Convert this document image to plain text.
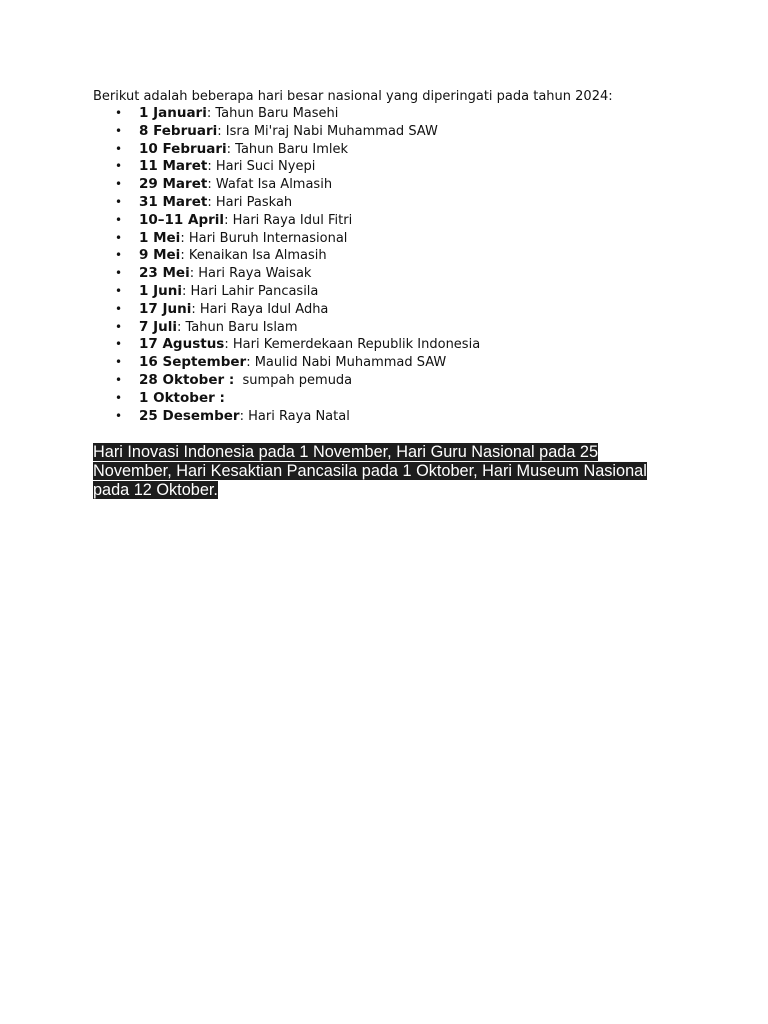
Berikut adalah beberapa hari besar nasional yang diperingati pada tahun 2024:
• 1 Januari: Tahun Baru Masehi
• 8 Februari: Isra Mi'raj Nabi Muhammad SAW
• 10 Februari: Tahun Baru Imlek
• 11 Maret: Hari Suci Nyepi
• 29 Maret: Wafat Isa Almasih
• 31 Maret: Hari Paskah
• 10–11 April: Hari Raya Idul Fitri
• 1 Mei: Hari Buruh Internasional
• 9 Mei: Kenaikan Isa Almasih
• 23 Mei: Hari Raya Waisak
• 1 Juni: Hari Lahir Pancasila
• 17 Juni: Hari Raya Idul Adha
• 7 Juli: Tahun Baru Islam
• 17 Agustus: Hari Kemerdekaan Republik Indonesia
• 16 September: Maulid Nabi Muhammad SAW
• 28 Oktober : sumpah pemuda
• 1 Oktober :
• 25 Desember: Hari Raya Natal

Hari Inovasi Indonesia pada 1 November, Hari Guru Nasional pada 25 November, Hari Kesaktian Pancasila pada 1 Oktober, Hari Museum Nasional pada 12 Oktober.
